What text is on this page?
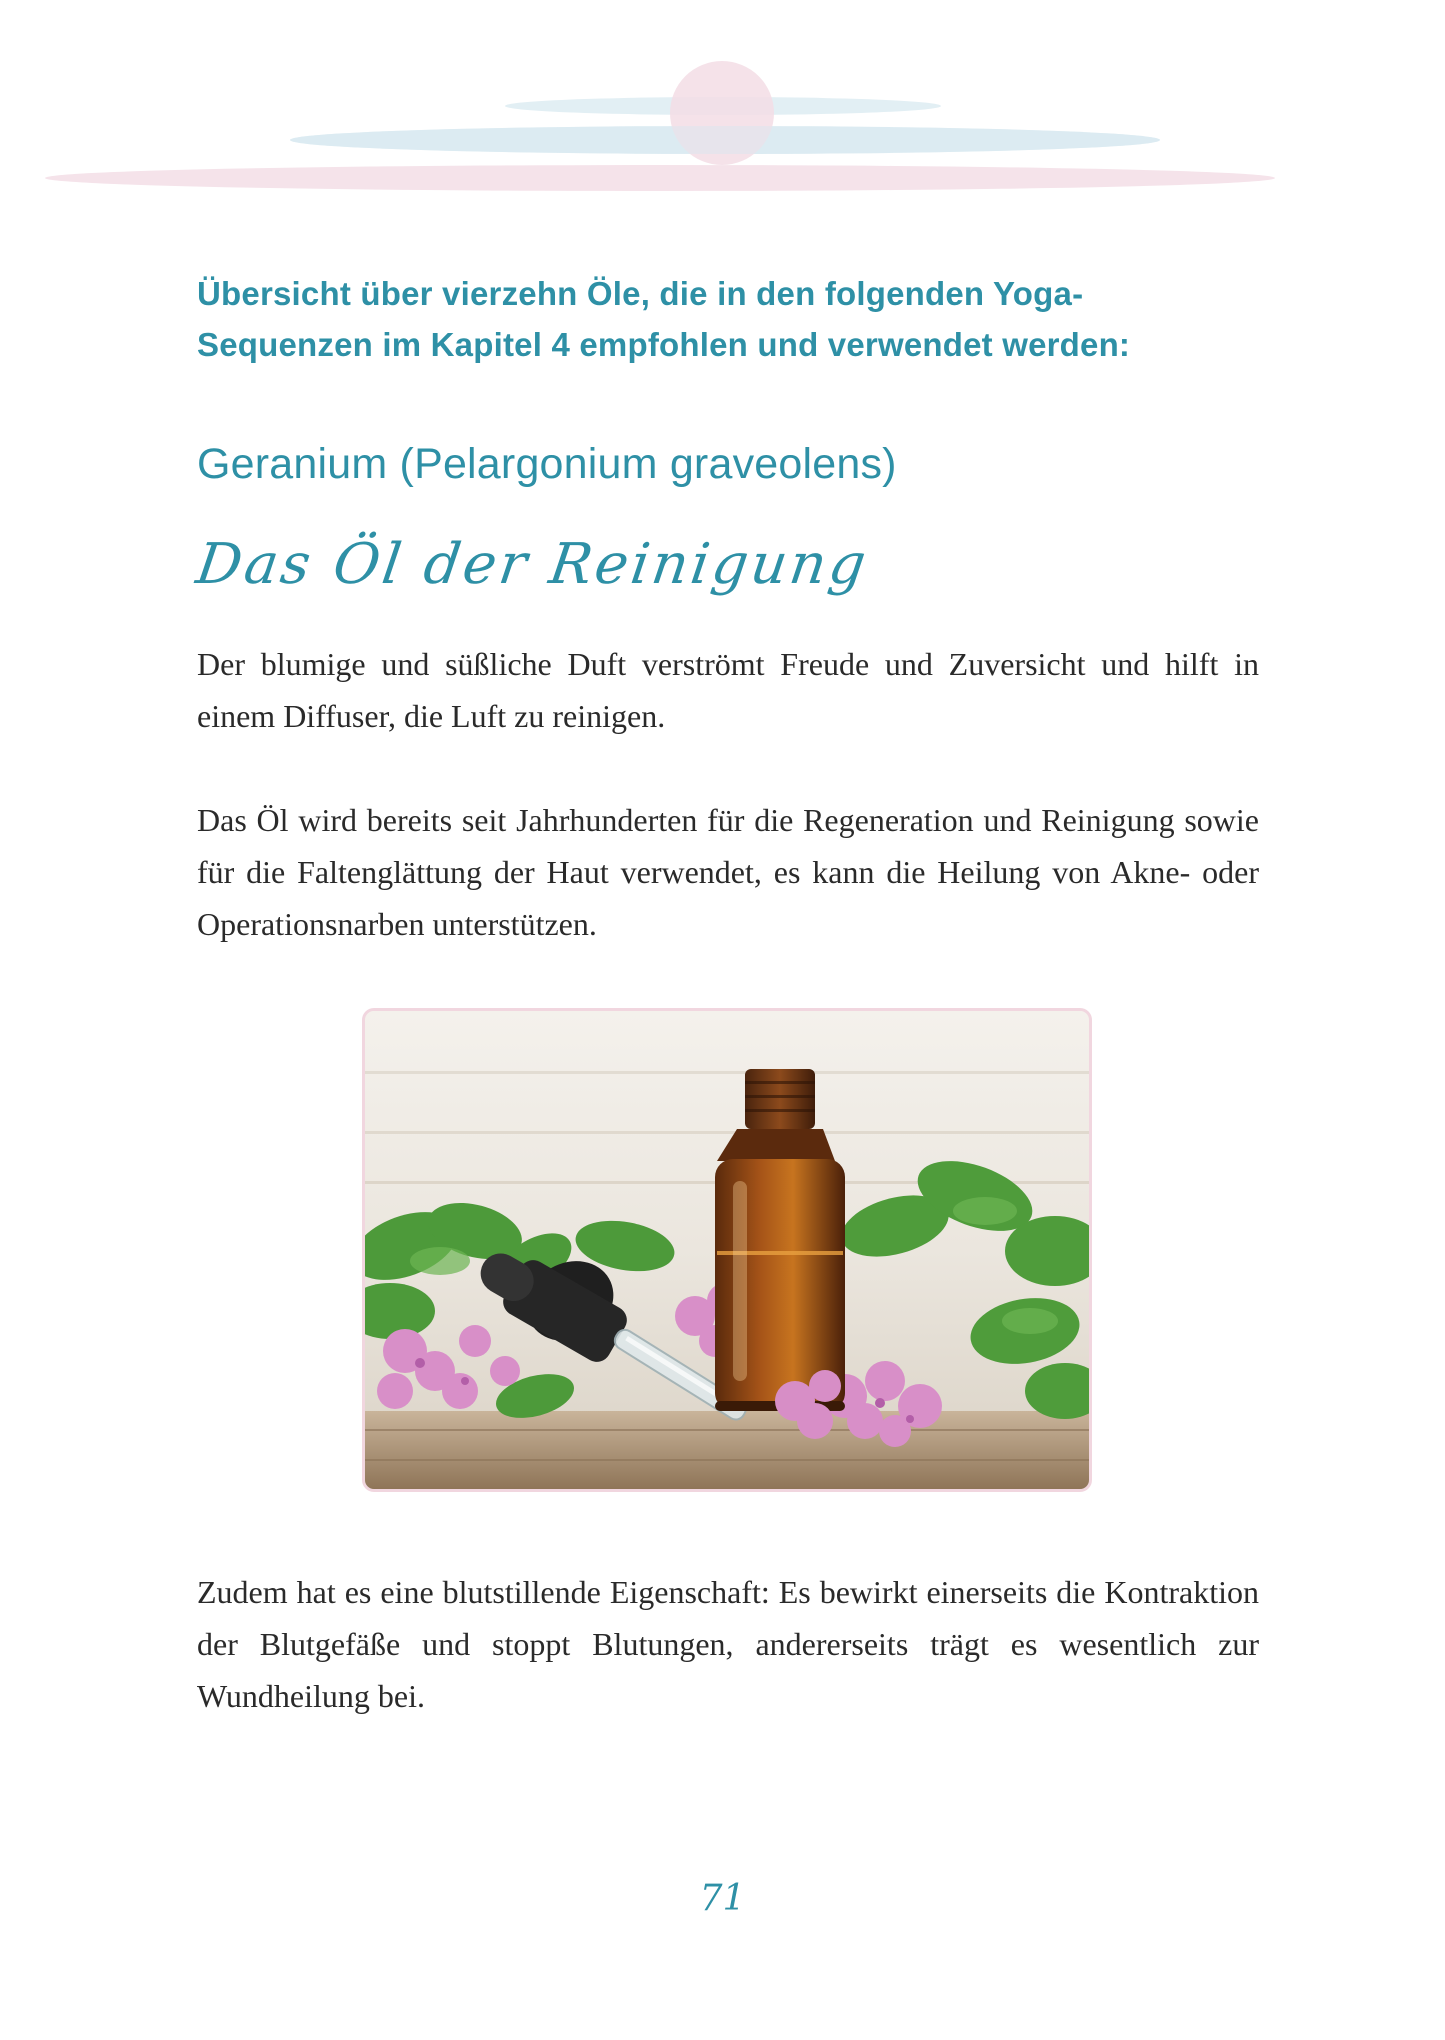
Übersicht über vierzehn Öle, die in den folgenden Yoga-
Sequenzen im Kapitel 4 empfohlen und verwendet werden:
Geranium (Pelargonium graveolens)
Das Öl der Reinigung

Der blumige und süßliche Duft verströmt Freude und Zuversicht und hilft in einem Diffuser, die Luft zu reinigen.

Das Öl wird bereits seit Jahrhunderten für die Regeneration und Reinigung sowie für die Faltenglättung der Haut verwendet, es kann die Heilung von Akne- oder Operationsnarben unterstützen.

Zudem hat es eine blutstillende Eigenschaft: Es bewirkt einerseits die Kontraktion der Blutgefäße und stoppt Blutungen, andererseits trägt es wesentlich zur Wundheilung bei.

71
